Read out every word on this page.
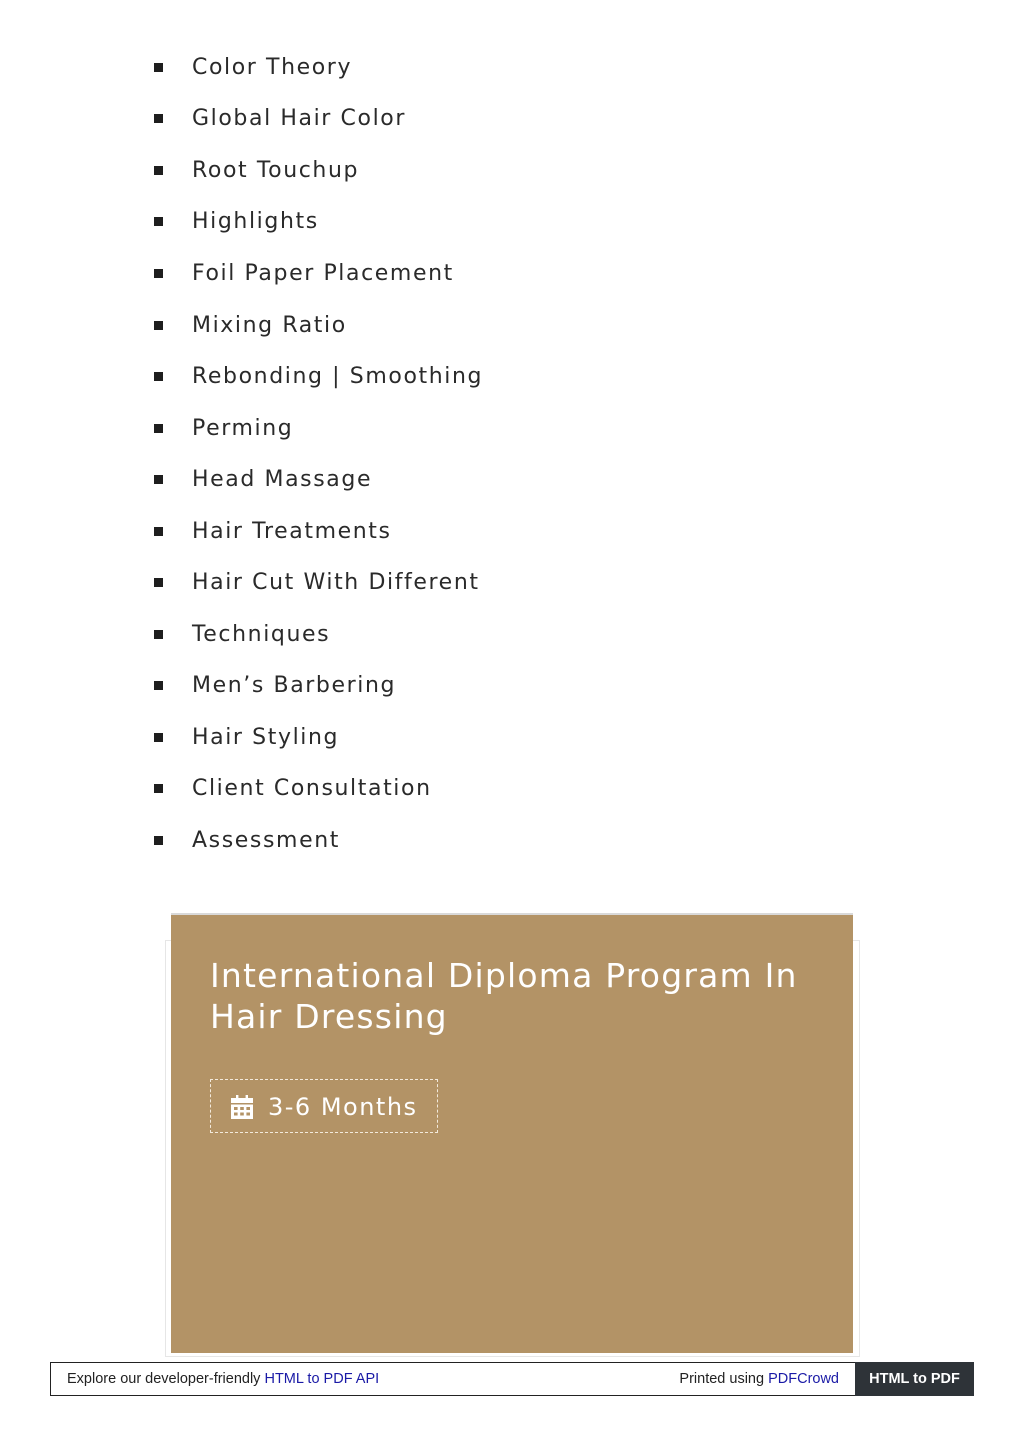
Color Theory
Global Hair Color
Root Touchup
Highlights
Foil Paper Placement
Mixing Ratio
Rebonding | Smoothing
Perming
Head Massage
Hair Treatments
Hair Cut With Different
Techniques
Men’s Barbering
Hair Styling
Client Consultation
Assessment
International Diploma Program In Hair Dressing
3-6 Months
Explore our developer-friendly HTML to PDF API	Printed using PDFCrowd	HTML to PDF
